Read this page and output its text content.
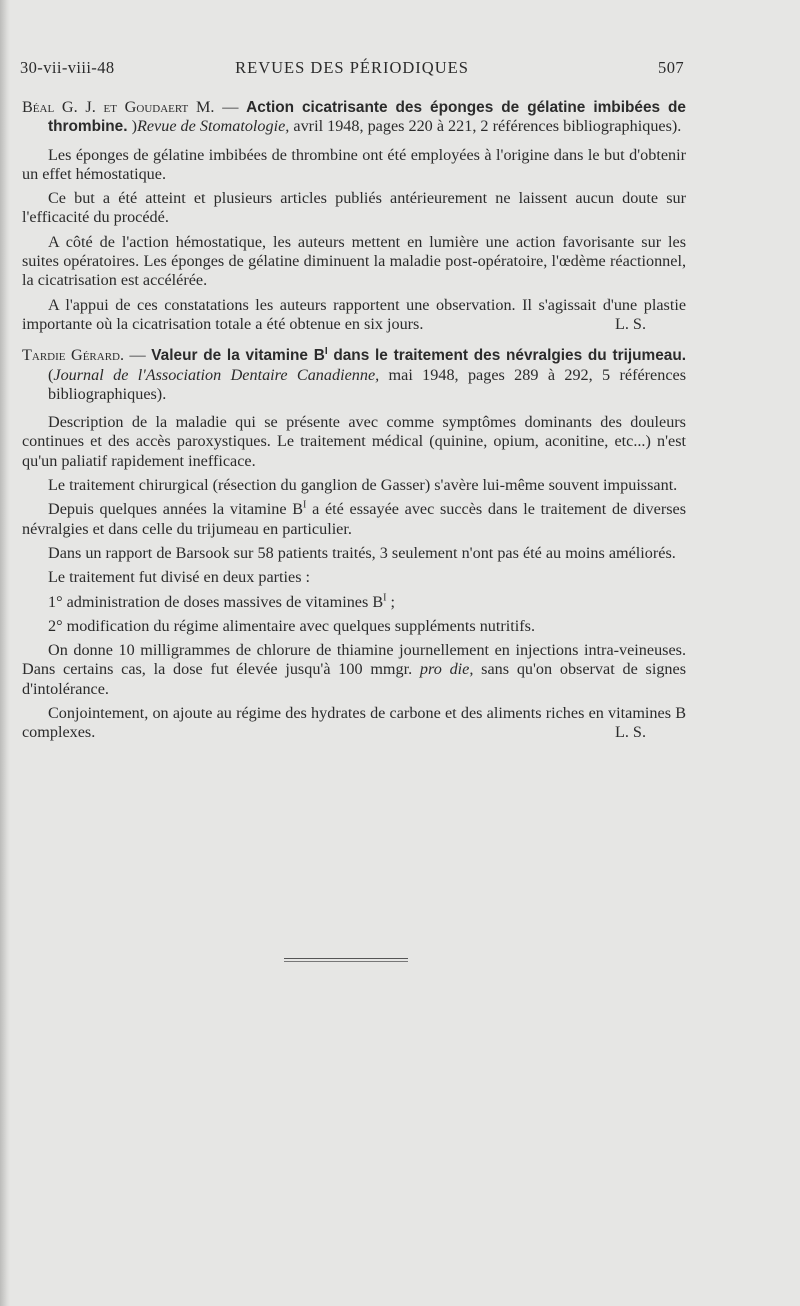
30-vii-viii-48	REVUES DES PÉRIODIQUES	507

Béal G. J. et Goudaert M. — Action cicatrisante des éponges de gélatine imbibées de thrombine. )Revue de Stomatologie, avril 1948, pages 220 à 221, 2 références bibliographiques).

Les éponges de gélatine imbibées de thrombine ont été employées à l'origine dans le but d'obtenir un effet hémostatique.

Ce but a été atteint et plusieurs articles publiés antérieurement ne laissent aucun doute sur l'efficacité du procédé.

A côté de l'action hémostatique, les auteurs mettent en lumière une action favorisante sur les suites opératoires. Les éponges de gélatine diminuent la maladie post-opératoire, l'œdème réactionnel, la cicatrisation est accélérée.

A l'appui de ces constatations les auteurs rapportent une observation. Il s'agissait d'une plastie importante où la cicatrisation totale a été obtenue en six jours.	L. S.

Tardie Gérard. — Valeur de la vitamine $B^I$ dans le traitement des névralgies du trijumeau. (Journal de l'Association Dentaire Canadienne, mai 1948, pages 289 à 292, 5 références bibliographiques).

Description de la maladie qui se présente avec comme symptômes dominants des douleurs continues et des accès paroxystiques. Le traitement médical (quinine, opium, aconitine, etc...) n'est qu'un paliatif rapidement inefficace.

Le traitement chirurgical (résection du ganglion de Gasser) s'avère lui-même souvent impuissant.

Depuis quelques années la vitamine $B^I$ a été essayée avec succès dans le traitement de diverses névralgies et dans celle du trijumeau en particulier.

Dans un rapport de Barsook sur 58 patients traités, 3 seulement n'ont pas été au moins améliorés.

Le traitement fut divisé en deux parties :

1° administration de doses massives de vitamines $B^I$ ;

2° modification du régime alimentaire avec quelques suppléments nutritifs.

On donne 10 milligrammes de chlorure de thiamine journellement en injections intra-veineuses. Dans certains cas, la dose fut élevée jusqu'à 100 mmgr. pro die, sans qu'on observat de signes d'intolérance.

Conjointement, on ajoute au régime des hydrates de carbone et des aliments riches en vitamines B complexes.	L. S.
